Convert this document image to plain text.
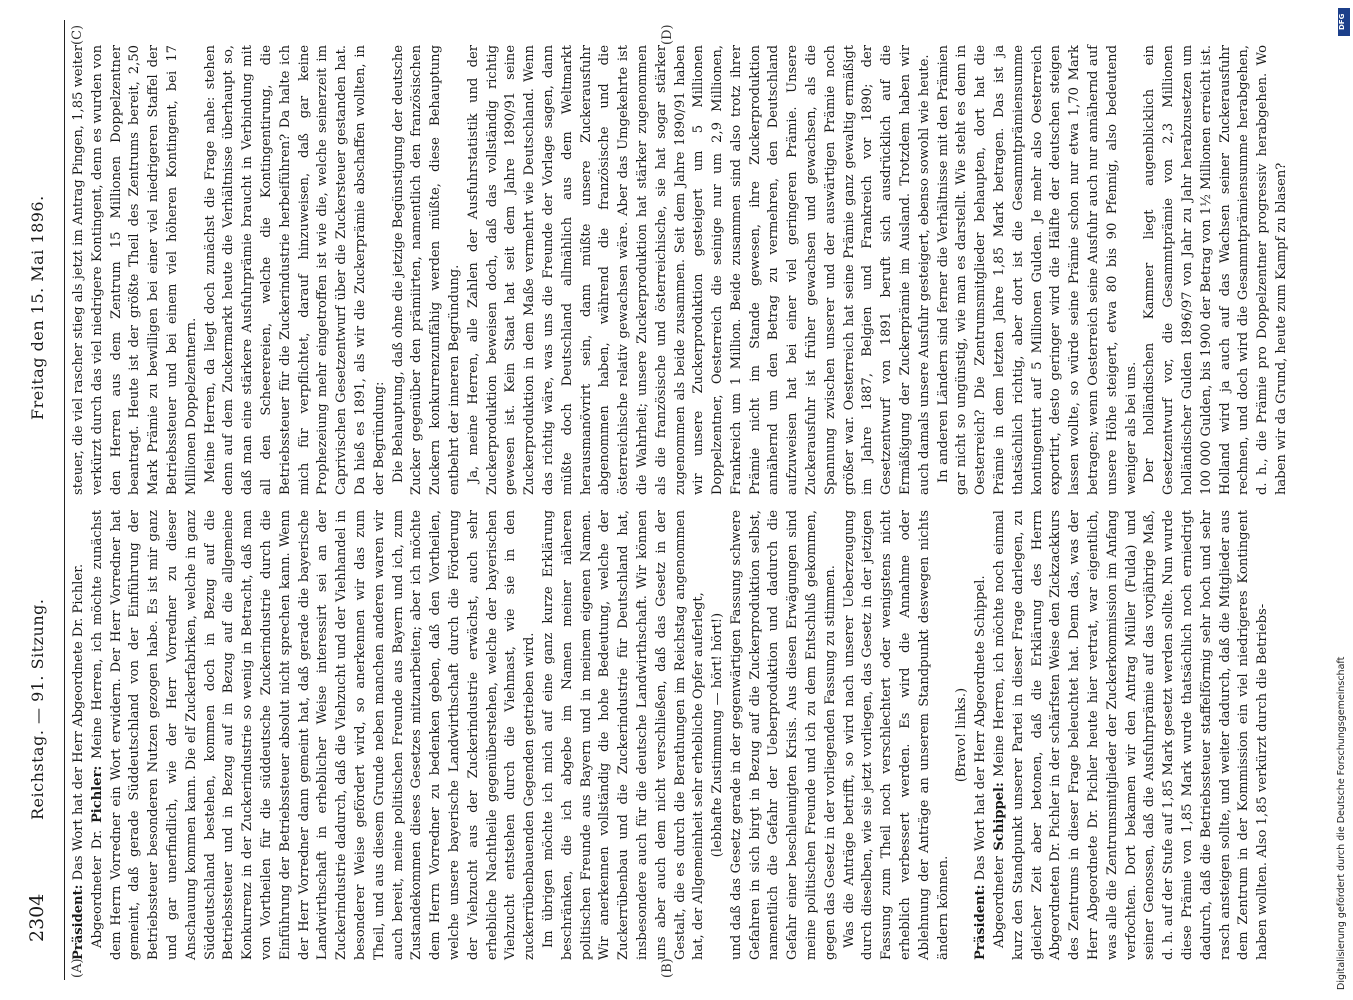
2304
Reichstag. — 91. Sitzung.
Freitag den 15. Mai 1896.
(A)	(B)
(C)	(D)

Präsident: Das Wort hat der Herr Abgeordnete Dr. Pichler.

Abgeordneter Dr. Pichler: Meine Herren, ich möchte zunächst dem Herrn Vorredner ein Wort erwidern. Der Herr Vorredner hat gemeint, daß gerade Süddeutschland von der Einführung der Betriebssteuer besonderen Nutzen gezogen habe. Es ist mir ganz und gar unerfindlich, wie der Herr Vorredner zu dieser Anschauung kommen kann. Die elf Zuckerfabriken, welche in ganz Süddeutschland bestehen, kommen doch in Bezug auf die Betriebssteuer und in Bezug auf in Bezug auf die allgemeine Konkurrenz in der Zuckerindustrie so wenig in Betracht, daß man von Vortheilen für die süddeutsche Zuckerindustrie durch die Einführung der Betriebssteuer absolut nicht sprechen kann. Wenn der Herr Vorredner dann gemeint hat, daß gerade die bayerische Landwirthschaft in erheblicher Weise interessirt sei an der Zuckerindustrie dadurch, daß die Viehzucht und der Viehhandel in besonderer Weise gefördert wird, so anerkennen wir das zum Theil, und aus diesem Grunde neben manchen anderen waren wir auch bereit, meine politischen Freunde aus Bayern und ich, zum Zustandekommen dieses Gesetzes mitzuarbeiten; aber ich möchte dem Herrn Vorredner zu bedenken geben, daß den Vortheilen, welche unsere bayerische Landwirthschaft durch die Förderung der Viehzucht aus der Zuckerindustrie erwächst, auch sehr erhebliche Nachtheile gegenüberstehen, welche der bayerischen Viehzucht entstehen durch die Viehmast, wie sie in den zuckerrübenbauenden Gegenden getrieben wird. Im übrigen möchte ich mich auf eine ganz kurze Erklärung beschränken, die ich abgebe im Namen meiner näheren politischen Freunde aus Bayern und in meinem eigenen Namen. Wir anerkennen vollständig die hohe Bedeutung, welche der Zuckerrübenbau und die Zuckerindustrie für Deutschland hat, insbesondere auch für die deutsche Landwirthschaft. Wir können uns aber auch dem nicht verschließen, daß das Gesetz in der Gestalt, die es durch die Berathungen im Reichstag angenommen hat, der Allgemeinheit sehr erhebliche Opfer auferlegt, (lebhafte Zustimmung — hört! hört!) und daß das Gesetz gerade in der gegenwärtigen Fassung schwere Gefahren in sich birgt in Bezug auf die Zuckerproduktion selbst, namentlich die Gefahr der Ueberproduktion und dadurch die Gefahr einer beschleunigten Krisis. Aus diesen Erwägungen sind meine politischen Freunde und ich zu dem Entschluß gekommen, gegen das Gesetz in der vorliegenden Fassung zu stimmen. Was die Anträge betrifft, so wird nach unserer Ueberzeugung durch dieselben, wie sie jetzt vorliegen, das Gesetz in der jetzigen Fassung zum Theil noch verschlechtert oder wenigstens nicht erheblich verbessert werden. Es wird die Annahme oder Ablehnung der Anträge an unserem Standpunkt deswegen nichts ändern können.

(Bravo! links.)

Präsident: Das Wort hat der Herr Abgeordnete Schippel.

Abgeordneter Schippel: Meine Herren, ich möchte noch einmal kurz den Standpunkt unserer Partei in dieser Frage darlegen, zu gleicher Zeit aber betonen, daß die Erklärung des Herrn Abgeordneten Dr. Pichler in der schärfsten Weise den Zickzackkurs des Zentrums in dieser Frage beleuchtet hat. Denn das, was der Herr Abgeordnete Dr. Pichler heute hier vertrat, war eigentlich, was alle die Zentrumsmitglieder der Zuckerkommission im Anfang verfochten. Dort bekamen wir den Antrag Müller (Fulda) und seiner Genossen, daß die Ausfuhrprämie auf das vorjährige Maß, d. h. auf der Stufe auf 1,85 Mark gesetzt werden sollte. Nun wurde diese Prämie von 1,85 Mark wurde thatsächlich noch erniedrigt dadurch, daß die Betriebssteuer staffelförmig sehr hoch und sehr rasch ansteigen sollte, und weiter dadurch, daß die Mitglieder aus dem Zentrum in der Kommission ein viel niedrigeres Kontingent haben wollten. Also 1,85 verkürzt durch die Betriebs-

steuer, die viel rascher stieg als jetzt im Antrag Pingen, 1,85 weiter verkürzt durch das viel niedrigere Kontingent, denn es wurden von den Herren aus dem Zentrum 15 Millionen Doppelzentner beantragt. Heute ist der größte Theil des Zentrums bereit, 2,50 Mark Prämie zu bewilligen bei einer viel niedrigeren Staffel der Betriebssteuer und bei einem viel höheren Kontingent, bei 17 Millionen Doppelzentnern. Meine Herren, da liegt doch zunächst die Frage nahe: stehen denn auf dem Zuckermarkt heute die Verhältnisse überhaupt so, daß man eine stärkere Ausfuhrprämie braucht in Verbindung mit all den Scheerereien, welche die Kontingentirung, die Betriebssteuer für die Zuckerindustrie herbeiführen? Da halte ich mich für verpflichtet, darauf hinzuweisen, daß gar keine Prophezeiung mehr eingetroffen ist wie die, welche seinerzeit im Caprivischen Gesetzentwurf über die Zuckersteuer gestanden hat. Da hieß es 1891, als wir die Zuckerprämie abschaffen wollten, in der Begründung: Die Behauptung, daß ohne die jetzige Begünstigung der deutsche Zucker gegenüber den prämiirten, namentlich den französischen Zuckern konkurrenzunfähig werden müßte, diese Behauptung entbehrt der inneren Begründung. Ja, meine Herren, alle Zahlen der Ausfuhrstatistik und der Zuckerproduktion beweisen doch, daß das vollständig richtig gewesen ist. Kein Staat hat seit dem Jahre 1890/91 seine Zuckerproduktion in dem Maße vermehrt wie Deutschland. Wenn das richtig wäre, was uns die Freunde der Vorlage sagen, dann müßte doch Deutschland allmählich aus dem Weltmarkt herausmanövrirt sein, dann müßte unsere Zuckerausfuhr abgenommen haben, während die französische und die österreichische relativ gewachsen wäre. Aber das Umgekehrte ist die Wahrheit; unsere Zuckerproduktion hat stärker zugenommen als die französische und österreichische, sie hat sogar stärker zugenommen als beide zusammen. Seit dem Jahre 1890/91 haben wir unsere Zuckerproduktion gesteigert um 5 Millionen Doppelzentner, Oesterreich die seinige nur um 2,9 Millionen, Frankreich um 1 Million. Beide zusammen sind also trotz ihrer Prämie nicht im Stande gewesen, ihre Zuckerproduktion annähernd um den Betrag zu vermehren, den Deutschland aufzuweisen hat bei einer viel geringeren Prämie. Unsere Zuckerausfuhr ist früher gewachsen und gewachsen, als die Spannung zwischen unserer und der auswärtigen Prämie noch größer war. Oesterreich hat seine Prämie ganz gewaltig ermäßigt im Jahre 1887, Belgien und Frankreich vor 1890; der Gesetzentwurf von 1891 beruft sich ausdrücklich auf die Ermäßigung der Zuckerprämie im Ausland. Trotzdem haben wir auch damals unsere Ausfuhr gesteigert, ebenso sowohl wie heute. In anderen Ländern sind ferner die Verhältnisse mit den Prämien gar nicht so ungünstig, wie man es darstellt. Wie steht es denn in Oesterreich? Die Zentrumsmitglieder behaupten, dort hat die Prämie in dem letzten Jahre 1,85 Mark betragen. Das ist ja thatsächlich richtig, aber dort ist die Gesammtprämiensumme kontingentirt auf 5 Millionen Gulden. Je mehr also Oesterreich exportirt, desto geringer wird die Hälfte der deutschen steigen lassen wollte, so würde seine Prämie schon nur etwa 1,70 Mark betragen; wenn Oesterreich seine Ausfuhr auch nur annähernd auf unsere Höhe steigert, etwa 80 bis 90 Pfennig, also bedeutend weniger als bei uns. Der holländischen Kammer liegt augenblicklich ein Gesetzentwurf vor, die Gesammtprämie von 2,3 Millionen holländischer Gulden 1896/97 von Jahr zu Jahr herabzusetzen um 100 000 Gulden, bis 1900 der Betrag von 1½ Millionen erreicht ist. Holland wird ja auch auf das Wachsen seiner Zuckerausfuhr rechnen, und doch wird die Gesammtprämiensumme herabgehen, d. h., die Prämie pro Doppelzentner progressiv herabgehen. Wo haben wir da Grund, heute zum Kampf zu blasen?

DFG
Digitalisierung gefördert durch die Deutsche Forschungsgemeinschaft
